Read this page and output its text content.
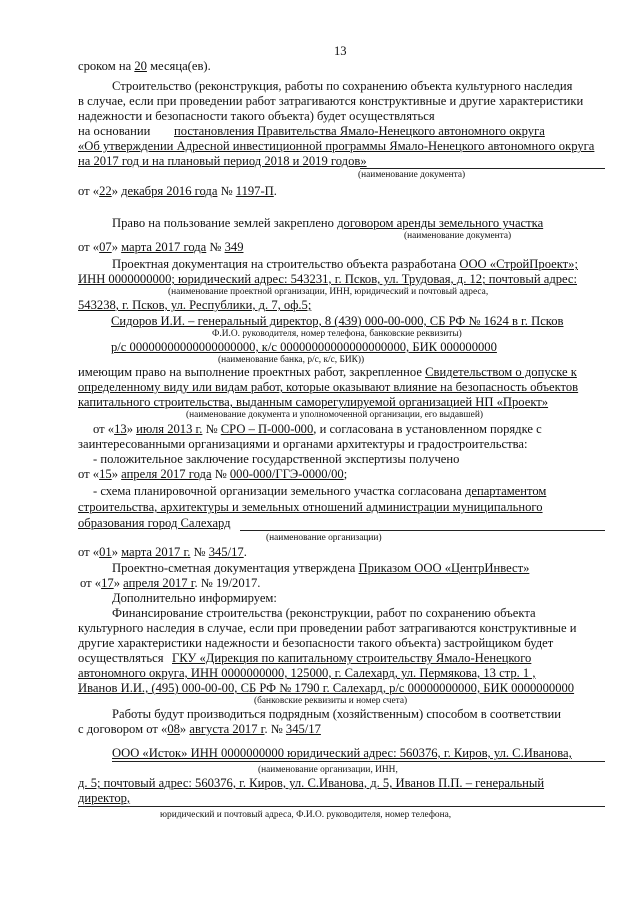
13
сроком на 20 месяца(ев).
Строительство (реконструкция, работы по сохранению объекта культурного наследия
в случае, если при проведении работ затрагиваются конструктивные и другие характеристики
надежности и безопасности такого объекта) будет осуществляться
на основании постановления Правительства Ямало-Ненецкого автономного округа
«Об утверждении Адресной инвестиционной программы Ямало-Ненецкого автономного округа
на 2017 год и на плановый период 2018 и 2019 годов»
(наименование документа)
от «22» декабря 2016 года № 1197-П.
Право на пользование землей закреплено договором аренды земельного участка
(наименование документа)
от «07» марта 2017 года № 349
Проектная документация на строительство объекта разработана ООО «СтройПроект»;
ИНН 0000000000; юридический адрес: 543231, г. Псков, ул. Трудовая, д. 12; почтовый адрес:
(наименование проектной организации, ИНН, юридический и почтовый адреса,
543238, г. Псков, ул. Республики, д. 7, оф.5;
Сидоров И.И. – генеральный директор, 8 (439) 000-00-000, СБ РФ № 1624 в г. Псков
Ф.И.О. руководителя, номер телефона, банковские реквизиты)
р/с 00000000000000000000, к/с 00000000000000000000, БИК 000000000
(наименование банка, р/с, к/с, БИК))
имеющим право на выполнение проектных работ, закрепленное Свидетельством о допуске к
определенному виду или видам работ, которые оказывают влияние на безопасность объектов
капитального строительства, выданным саморегулируемой организацией НП «Проект»
(наименование документа и уполномоченной организации, его выдавшей)
от «13» июля 2013 г. № СРО – П-000-000, и согласована в установленном порядке с
заинтересованными организациями и органами архитектуры и градостроительства:
- положительное заключение государственной экспертизы получено
от «15» апреля 2017 года № 000-000/ГГЭ-0000/00;
- схема планировочной организации земельного участка согласована департаментом
строительства, архитектуры и земельных отношений администрации муниципального
образования город Салехард
(наименование организации)
от «01» марта 2017 г. № 345/17.
Проектно-сметная документация утверждена Приказом ООО «ЦентрИнвест»
от «17» апреля 2017 г. № 19/2017.
Дополнительно информируем:
Финансирование строительства (реконструкции, работ по сохранению объекта
культурного наследия в случае, если при проведении работ затрагиваются конструктивные и
другие характеристики надежности и безопасности такого объекта) застройщиком будет
осуществляться ГКУ «Дирекция по капитальному строительству Ямало-Ненецкого
автономного округа, ИНН 0000000000, 125000, г. Салехард, ул. Пермякова, 13 стр. 1 ,
Иванов И.И., (495) 000-00-00, СБ РФ № 1790 г. Салехард, р/с 00000000000, БИК 0000000000
(банковские реквизиты и номер счета)
Работы будут производиться подрядным (хозяйственным) способом в соответствии
с договором от «08» августа 2017 г. № 345/17
ООО «Исток» ИНН 0000000000 юридический адрес: 560376, г. Киров, ул. С.Иванова,
(наименование организации, ИНН,
д. 5; почтовый адрес: 560376, г. Киров, ул. С.Иванова, д. 5, Иванов П.П. – генеральный
директор,
юридический и почтовый адреса, Ф.И.О. руководителя, номер телефона,
